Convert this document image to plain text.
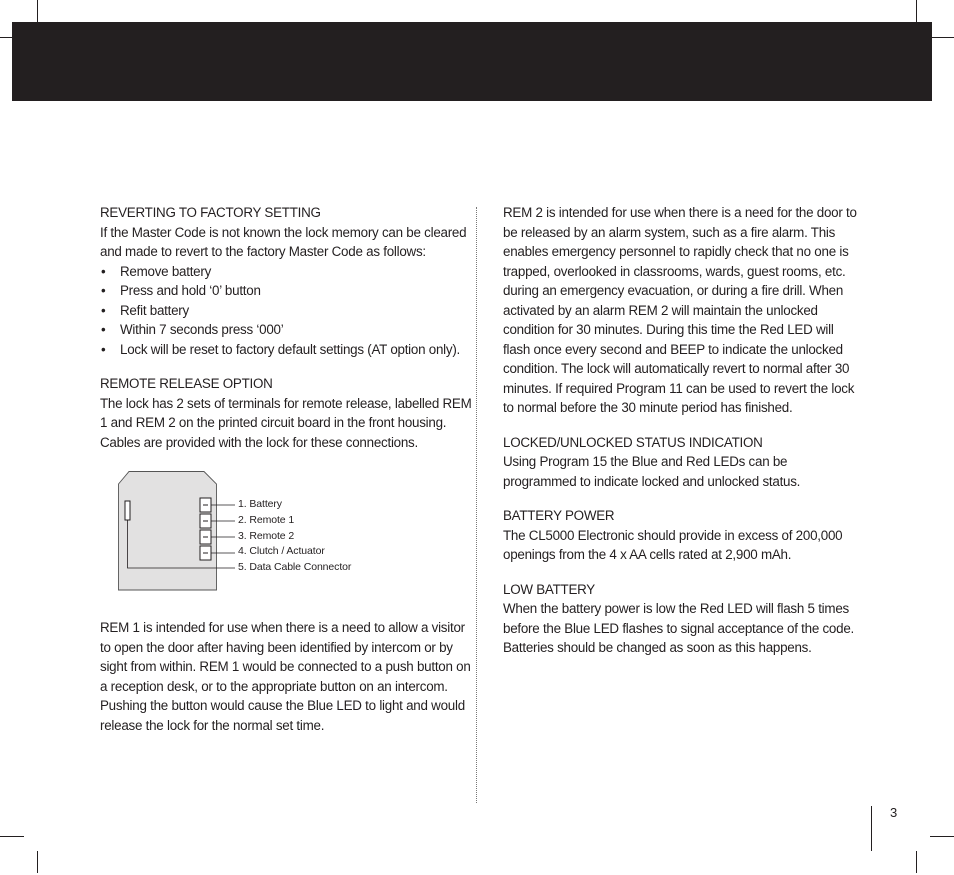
REVERTING TO FACTORY SETTING

If the Master Code is not known the lock memory can be cleared and made to revert to the factory Master Code as follows:

• Remove battery
• Press and hold ‘0’ button
• Refit battery
• Within 7 seconds press ‘000’
• Lock will be reset to factory default settings (AT option only).
REMOTE RELEASE OPTION

The lock has 2 sets of terminals for remote release, labelled REM 1 and REM 2 on the printed circuit board in the front housing. Cables are provided with the lock for these connections.

1. Battery
2. Remote 1
3. Remote 2
4. Clutch / Actuator
5. Data Cable Connector

REM 1 is intended for use when there is a need to allow a visitor to open the door after having been identified by intercom or by sight from within. REM 1 would be connected to a push button on a reception desk, or to the appropriate button on an intercom. Pushing the button would cause the Blue LED to light and would release the lock for the normal set time.

REM 2 is intended for use when there is a need for the door to be released by an alarm system, such as a fire alarm. This enables emergency personnel to rapidly check that no one is trapped, overlooked in classrooms, wards, guest rooms, etc. during an emergency evacuation, or during a fire drill. When activated by an alarm REM 2 will maintain the unlocked condition for 30 minutes. During this time the Red LED will flash once every second and BEEP to indicate the unlocked condition. The lock will automatically revert to normal after 30 minutes. If required Program 11 can be used to revert the lock to normal before the 30 minute period has finished.

LOCKED/UNLOCKED STATUS INDICATION

Using Program 15 the Blue and Red LEDs can be programmed to indicate locked and unlocked status.

BATTERY POWER

The CL5000 Electronic should provide in excess of 200,000 openings from the 4 x AA cells rated at 2,900 mAh.

LOW BATTERY

When the battery power is low the Red LED will flash 5 times before the Blue LED flashes to signal acceptance of the code. Batteries should be changed as soon as this happens.

3
